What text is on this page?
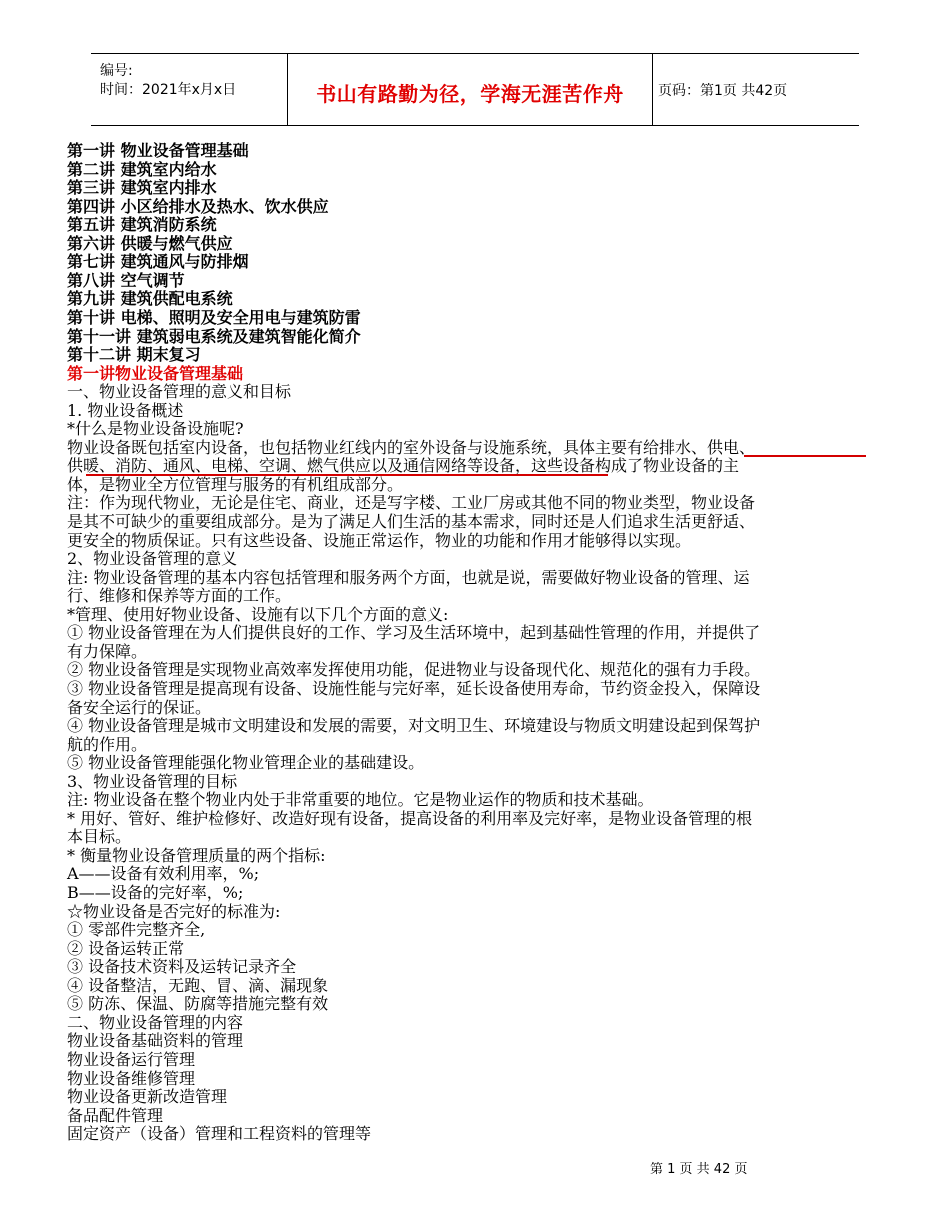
编号:
时间：2021年x月x日	书山有路勤为径，学海无涯苦作舟	页码：第1页 共42页
第一讲 物业设备管理基础
第二讲 建筑室内给水
第三讲 建筑室内排水
第四讲 小区给排水及热水、饮水供应
第五讲 建筑消防系统
第六讲 供暖与燃气供应
第七讲 建筑通风与防排烟
第八讲 空气调节
第九讲 建筑供配电系统
第十讲 电梯、照明及安全用电与建筑防雷
第十一讲 建筑弱电系统及建筑智能化简介
第十二讲 期末复习
第一讲物业设备管理基础
一、物业设备管理的意义和目标
1. 物业设备概述
*什么是物业设备设施呢?
物业设备既包括室内设备，也包括物业红线内的室外设备与设施系统，具体主要有给排水、供电、
供暖、消防、通风、电梯、空调、燃气供应以及通信网络等设备，这些设备构成了物业设备的主
体，是物业全方位管理与服务的有机组成部分。
注：作为现代物业，无论是住宅、商业，还是写字楼、工业厂房或其他不同的物业类型，物业设备
是其不可缺少的重要组成部分。是为了满足人们生活的基本需求，同时还是人们追求生活更舒适、
更安全的物质保证。只有这些设备、设施正常运作，物业的功能和作用才能够得以实现。
2、物业设备管理的意义
注: 物业设备管理的基本内容包括管理和服务两个方面，也就是说，需要做好物业设备的管理、运
行、维修和保养等方面的工作。
*管理、使用好物业设备、设施有以下几个方面的意义:
① 物业设备管理在为人们提供良好的工作、学习及生活环境中，起到基础性管理的作用，并提供了
有力保障。
② 物业设备管理是实现物业高效率发挥使用功能，促进物业与设备现代化、规范化的强有力手段。
③ 物业设备管理是提高现有设备、设施性能与完好率，延长设备使用寿命，节约资金投入，保障设
备安全运行的保证。
④ 物业设备管理是城市文明建设和发展的需要，对文明卫生、环境建设与物质文明建设起到保驾护
航的作用。
⑤ 物业设备管理能强化物业管理企业的基础建设。
3、物业设备管理的目标
注: 物业设备在整个物业内处于非常重要的地位。它是物业运作的物质和技术基础。
* 用好、管好、维护检修好、改造好现有设备，提高设备的利用率及完好率，是物业设备管理的根
本目标。
* 衡量物业设备管理质量的两个指标:
A——设备有效利用率，%;
B——设备的完好率，%;
☆物业设备是否完好的标准为:
① 零部件完整齐全,
② 设备运转正常
③ 设备技术资料及运转记录齐全
④ 设备整洁，无跑、冒、滴、漏现象
⑤ 防冻、保温、防腐等措施完整有效
二、物业设备管理的内容
物业设备基础资料的管理
物业设备运行管理
物业设备维修管理
物业设备更新改造管理
备品配件管理
固定资产（设备）管理和工程资料的管理等
第 1 页 共 42 页
